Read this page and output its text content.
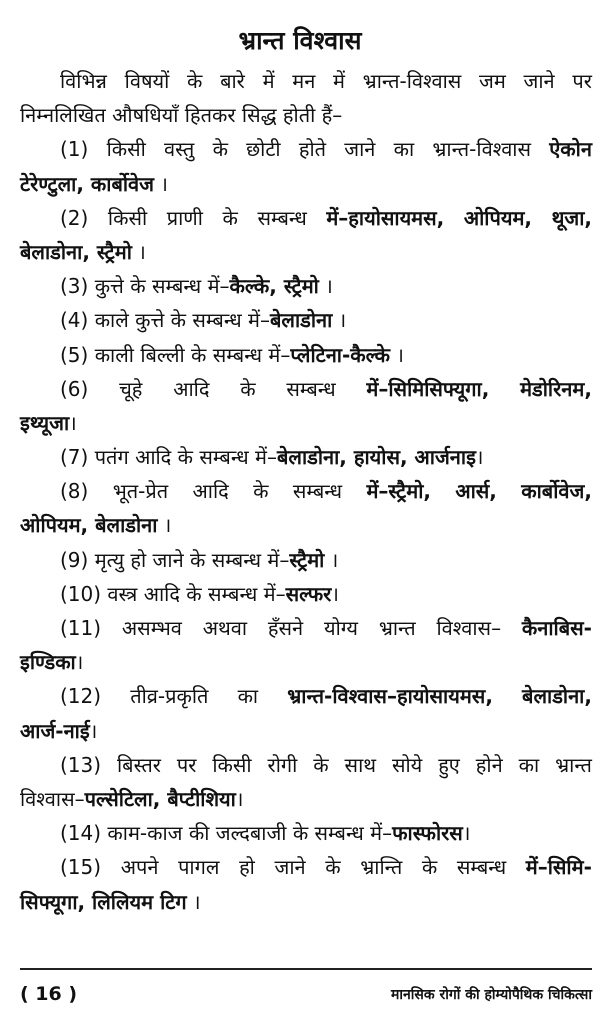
भ्रान्त विश्वास
विभिन्न विषयों के बारे में मन में भ्रान्त-विश्वास जम जाने पर
निम्नलिखित औषधियाँ हितकर सिद्ध होती हैं–
(1) किसी वस्तु के छोटी होते जाने का भ्रान्त-विश्वास ऐकोन
टेरेण्टुला, कार्बोवेज ।
(2) किसी प्राणी के सम्बन्ध में–हायोसायमस, ओपियम, थूजा,
बेलाडोना, स्ट्रैमो ।
(3) कुत्ते के सम्बन्ध में– कैल्के, स्ट्रैमो ।
(4) काले कुत्ते के सम्बन्ध में– बेलाडोना ।
(5) काली बिल्ली के सम्बन्ध में– प्लेटिना-कैल्के ।
(6) चूहे आदि के सम्बन्ध में–सिमिसिफ्यूगा, मेडोरिनम,
इथ्यूजा ।
(7) पतंग आदि के सम्बन्ध में– बेलाडोना, हायोस, आर्जनाइ ।
(8) भूत-प्रेत आदि के सम्बन्ध में–स्ट्रैमो, आर्स, कार्बोवेज,
ओपियम, बेलाडोना ।
(9) मृत्यु हो जाने के सम्बन्ध में– स्ट्रैमो ।
(10) वस्त्र आदि के सम्बन्ध में– सल्फर ।
(11) असम्भव अथवा हँसने योग्य भ्रान्त विश्वास– कैनाबिस-
इण्डिका ।
(12) तीव्र-प्रकृति का भ्रान्त-विश्वास–हायोसायमस, बेलाडोना,
आर्ज-नाई ।
(13) बिस्तर पर किसी रोगी के साथ सोये हुए होने का भ्रान्त
विश्वास– पल्सेटिला, बैप्टीशिया ।
(14) काम-काज की जल्दबाजी के सम्बन्ध में– फास्फोरस ।
(15) अपने पागल हो जाने के भ्रान्ति के सम्बन्ध में–सिमि-
सिफ्यूगा, लिलियम टिग ।
( 16 )	मानसिक रोगों की होम्योपैथिक चिकित्सा
